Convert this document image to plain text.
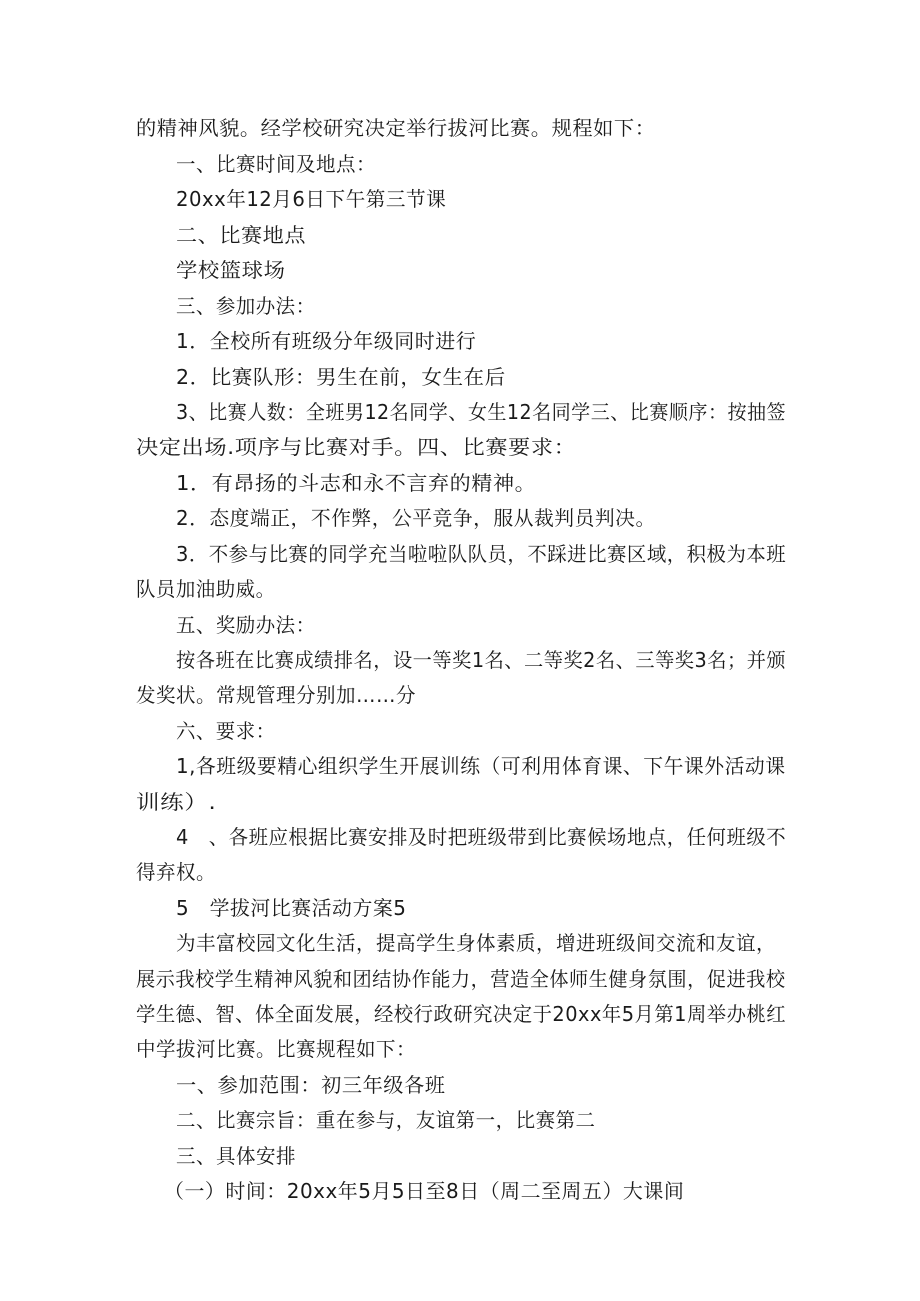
的精神风貌。经学校研究决定举行拔河比赛。规程如下：
一、比赛时间及地点：
20xx年12月6日下午第三节课
二、比赛地点
学校篮球场
三、参加办法：
1．全校所有班级分年级同时进行
2．比赛队形：男生在前，女生在后
3、比赛人数：全班男12名同学、女生12名同学三、比赛顺序：按抽签
决定出场.项序与比赛对手。四、比赛要求：
1．有昂扬的斗志和永不言弃的精神。
2．态度端正，不作弊，公平竞争，服从裁判员判决。
3．不参与比赛的同学充当啦啦队队员，不踩进比赛区域，积极为本班
队员加油助威。
五、奖励办法：
按各班在比赛成绩排名，设一等奖1名、二等奖2名、三等奖3名；并颁
发奖状。常规管理分别加……分
六、要求：
1,各班级要精心组织学生开展训练（可利用体育课、下午课外活动课
训练）.
4　、各班应根据比赛安排及时把班级带到比赛候场地点，任何班级不
得弃权。
5　学拔河比赛活动方案5
为丰富校园文化生活，提高学生身体素质，增进班级间交流和友谊，
展示我校学生精神风貌和团结协作能力，营造全体师生健身氛围，促进我校
学生德、智、体全面发展，经校行政研究决定于20xx年5月第1周举办桃红
中学拔河比赛。比赛规程如下：
一、参加范围：初三年级各班
二、比赛宗旨：重在参与，友谊第一，比赛第二
三、具体安排
（一）时间：20xx年5月5日至8日（周二至周五）大课间
